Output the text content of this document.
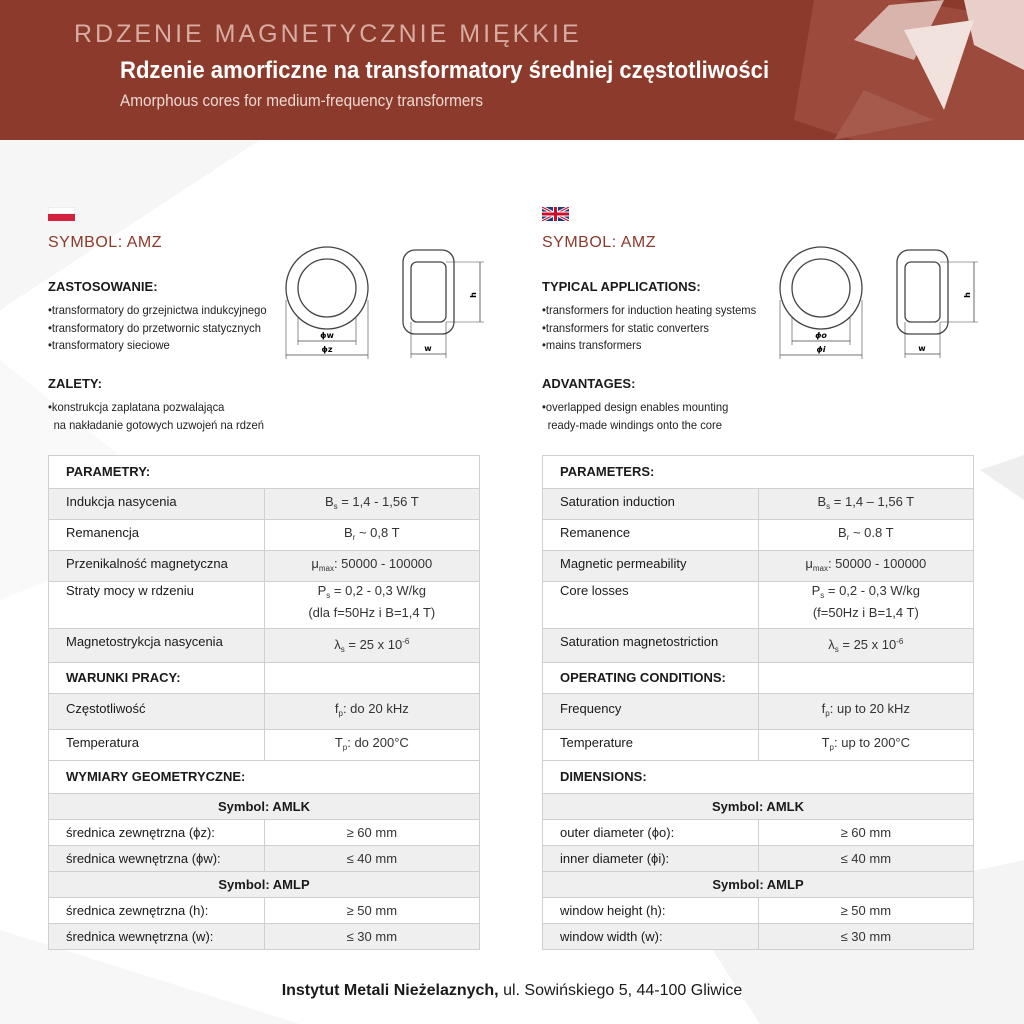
RDZENIE MAGNETYCZNIE MIĘKKIE
Rdzenie amorficzne na transformatory średniej częstotliwości
Amorphous cores for medium-frequency transformers
SYMBOL: AMZ
ZASTOSOWANIE:
• transformatory do grzejnictwa indukcyjnego
• transformatory do przetwornic statycznych
• transformatory sieciowe
ZALETY:
• konstrukcja zaplatana pozwalająca
na nakładanie gotowych uzwojeń na rdzeń
ϕw
ϕz
h
w
PARAMETRY:	
Indukcja nasycenia	$B_s = 1,4 - 1,56$ T
Remanencja	$B_r$ ~ 0,8 T
Przenikalność magnetyczna	$\mu_{max}$: 50000 - 100000
Straty mocy w rdzeniu	$P_s = 0,2 - 0,3$ W/kg
(dla f=50Hz i B=1,4 T)
Magnetostrykcja nasycenia	$\lambda_s = 25$ x $10^{-6}$
WARUNKI PRACY:	
Częstotliwość	$f_p$: do 20 kHz
Temperatura	$T_p$: do 200°C
WYMIARY GEOMETRYCZNE:	
Symbol: AMLK	
średnica zewnętrzna (ϕz):	≥ 60 mm
średnica wewnętrzna (ϕw):	≤ 40 mm
Symbol: AMLP	
średnica zewnętrzna (h):	≥ 50 mm
średnica wewnętrzna (w):	≤ 30 mm
SYMBOL: AMZ
TYPICAL APPLICATIONS:
• transformers for induction heating systems
• transformers for static converters
• mains transformers
ADVANTAGES:
• overlapped design enables mounting
ready-made windings onto the core
ϕo
ϕi
h
w
PARAMETERS:	
Saturation induction	$B_s = 1,4 - 1,56$ T
Remanence	$B_r$ ~ 0.8 T
Magnetic permeability	$\mu_{max}$: 50000 - 100000
Core losses	$P_s = 0,2 - 0,3$ W/kg
(f=50Hz i B=1,4 T)
Saturation magnetostriction	$\lambda_s = 25$ x $10^{-6}$
OPERATING CONDITIONS:	
Frequency	$f_p$: up to 20 kHz
Temperature	$T_p$: up to 200°C
DIMENSIONS:	
Symbol: AMLK	
outer diameter (ϕo):	≥ 60 mm
inner diameter (ϕi):	≤ 40 mm
Symbol: AMLP	
window height (h):	≥ 50 mm
window width (w):	≤ 30 mm
Instytut Metali Nieżelaznych, ul. Sowińskiego 5, 44-100 Gliwice
